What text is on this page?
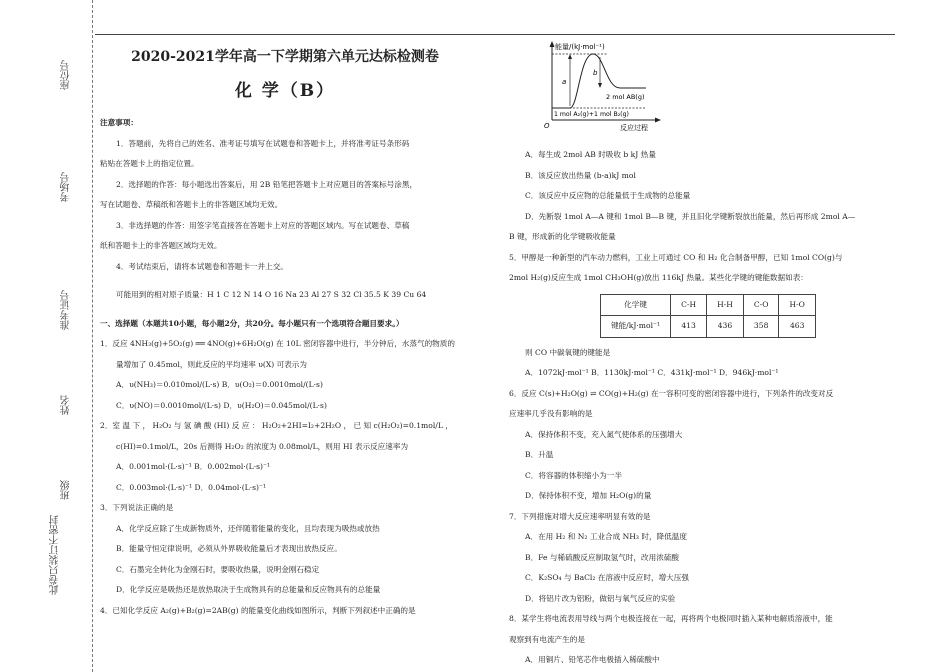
座位号
考场号
准考证号
姓名
班级
此卷只装订不密封
2020-2021学年高一下学期第六单元达标检测卷
化 学（B）

注意事项：

1．答题前，先将自己的姓名、准考证号填写在试题卷和答题卡上，并将准考证号条形码

粘贴在答题卡上的指定位置。

2．选择题的作答：每小题选出答案后，用 2B 铅笔把答题卡上对应题目的答案标号涂黑，

写在试题卷、草稿纸和答题卡上的非答题区域均无效。

3．非选择题的作答：用签字笔直接答在答题卡上对应的答题区域内。写在试题卷、草稿

纸和答题卡上的非答题区域均无效。

4．考试结束后，请将本试题卷和答题卡一并上交。

可能用到的相对原子质量：H 1 C 12 N 14 O 16 Na 23 Al 27 S 32 Cl 35.5 K 39 Cu 64

一、选择题（本题共10小题，每小题2分，共20分。每小题只有一个选项符合题目要求。）

1．反应 4NH₃(g)+5O₂(g) ══ 4NO(g)+6H₂O(g) 在 10L 密闭容器中进行，半分钟后，水蒸气的物质的

量增加了 0.45mol，则此反应的平均速率 υ(X) 可表示为

A．υ(NH₃)＝0.010mol/(L·s) B．υ(O₂)＝0.0010mol/(L·s)

C．υ(NO)＝0.0010mol/(L·s) D．υ(H₂O)＝0.045mol/(L·s)

2．室 温 下 ， H₂O₂ 与 氢 碘 酸 (HI) 反 应 ： H₂O₂+2HI=I₂+2H₂O ， 已 知 c(H₂O₂)=0.1mol/L ，

c(HI)=0.1mol/L，20s 后测得 H₂O₂ 的浓度为 0.08mol/L，则用 HI 表示反应速率为

A．0.001mol·(L·s)⁻¹ B．0.002mol·(L·s)⁻¹

C．0.003mol·(L·s)⁻¹ D．0.04mol·(L·s)⁻¹

3．下列说法正确的是

A．化学反应除了生成新物质外，还伴随着能量的变化，且均表现为吸热或放热

B．能量守恒定律说明，必须从外界吸收能量后才表现出放热反应。

C．石墨完全转化为金刚石时，要吸收热量，说明金刚石稳定

D．化学反应是吸热还是放热取决于生成物具有的总能量和反应物具有的总能量

4．已知化学反应 A₂(g)+B₂(g)=2AB(g) 的能量变化曲线如图所示，判断下列叙述中正确的是

能量/(kJ·mol⁻¹)
反应过程
O
a
b
2 mol AB(g)
1 mol A₂(g)+1 mol B₂(g)

A．每生成 2mol AB 时吸收 b kJ 热量

B．该反应放出热量 (b-a)kJ mol

C．该反应中反应物的总能量低于生成物的总能量

D．先断裂 1mol A—A 键和 1mol B—B 键，并且旧化学键断裂放出能量，然后再形成 2mol A—

B 键，形成新的化学键吸收能量

5．甲醇是一种新型的汽车动力燃料，工业上可通过 CO 和 H₂ 化合制备甲醇，已知 1mol CO(g)与

2mol H₂(g)反应生成 1mol CH₃OH(g)放出 116kJ 热量。某些化学键的键能数据如表：

化学键	C-H	H-H	C-O	H-O
键能/kJ·mol⁻¹	413	436	358	463

则 CO 中碳氧键的键能是

A．1072kJ·mol⁻¹ B．1130kJ·mol⁻¹ C．431kJ·mol⁻¹ D．946kJ·mol⁻¹

6．反应 C(s)+H₂O(g) ⇌ CO(g)+H₂(g) 在一容积可变的密闭容器中进行，下列条件的改变对反

应速率几乎没有影响的是

A．保持体积不变，充入氮气使体系的压强增大

B．升温

C．将容器的体积缩小为一半

D．保持体积不变，增加 H₂O(g)的量

7．下列措施对增大反应速率明显有效的是

A．在用 H₂ 和 N₂ 工业合成 NH₃ 时，降低温度

B．Fe 与稀硫酸反应制取氢气时，改用浓硫酸

C．K₂SO₄ 与 BaCl₂ 在溶液中反应时，增大压强

D．将铝片改为铝粉，做铝与氧气反应的实验

8．某学生将电流表用导线与两个电极连接在一起，再将两个电极同时插入某种电解质溶液中，能

观察到有电流产生的是

A．用铜片、铅笔芯作电极插入稀硫酸中
